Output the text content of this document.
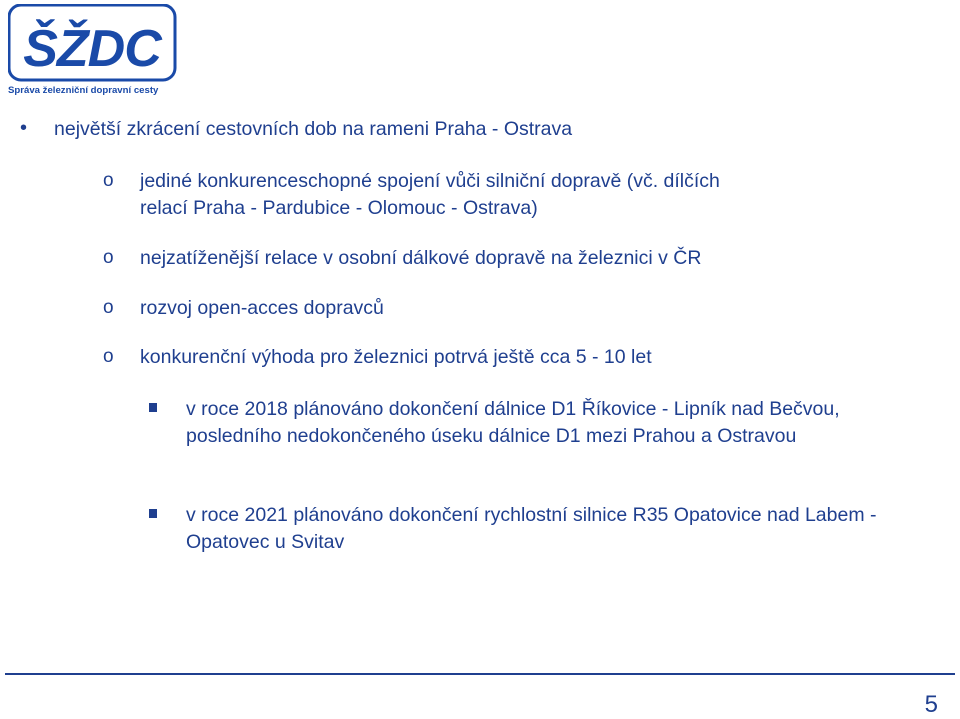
ŠŽDC
Správa železniční dopravní cesty
• největší zkrácení cestovních dob na rameni Praha - Ostrava
o jediné konkurenceschopné spojení vůči silniční dopravě (vč. dílčích relací Praha - Pardubice - Olomouc - Ostrava)
o nejzatíženější relace v osobní dálkové dopravě na železnici v ČR
o rozvoj open-acces dopravců
o konkurenční výhoda pro železnici potrvá ještě cca 5 - 10 let
v roce 2018 plánováno dokončení dálnice D1 Říkovice - Lipník nad Bečvou, posledního nedokončeného úseku dálnice D1 mezi Prahou a Ostravou
v roce 2021 plánováno dokončení rychlostní silnice R35 Opatovice nad Labem - Opatovec u Svitav
5
